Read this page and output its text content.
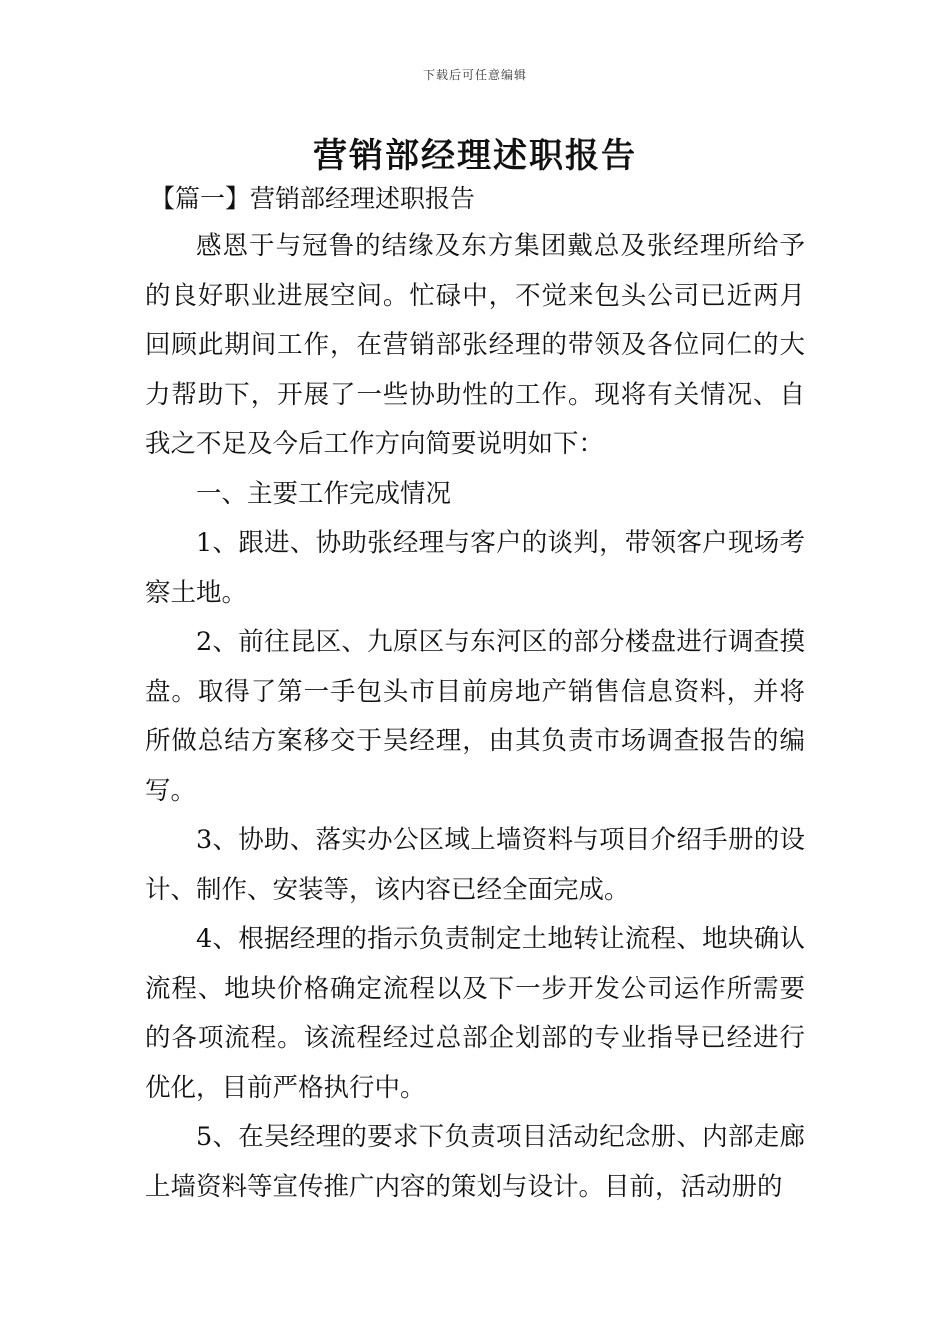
下载后可任意编辑
营销部经理述职报告
【篇一】营销部经理述职报告

感恩于与冠鲁的结缘及东方集团戴总及张经理所给予的良好职业进展空间。忙碌中，不觉来包头公司已近两月回顾此期间工作，在营销部张经理的带领及各位同仁的大力帮助下，开展了一些协助性的工作。现将有关情况、自我之不足及今后工作方向简要说明如下：

一、主要工作完成情况

1、跟进、协助张经理与客户的谈判，带领客户现场考察土地。

2、前往昆区、九原区与东河区的部分楼盘进行调查摸盘。取得了第一手包头市目前房地产销售信息资料，并将所做总结方案移交于吴经理，由其负责市场调查报告的编写。

3、协助、落实办公区域上墙资料与项目介绍手册的设计、制作、安装等，该内容已经全面完成。

4、根据经理的指示负责制定土地转让流程、地块确认流程、地块价格确定流程以及下一步开发公司运作所需要的各项流程。该流程经过总部企划部的专业指导已经进行优化，目前严格执行中。

5、在吴经理的要求下负责项目活动纪念册、内部走廊上墙资料等宣传推广内容的策划与设计。目前，活动册的
